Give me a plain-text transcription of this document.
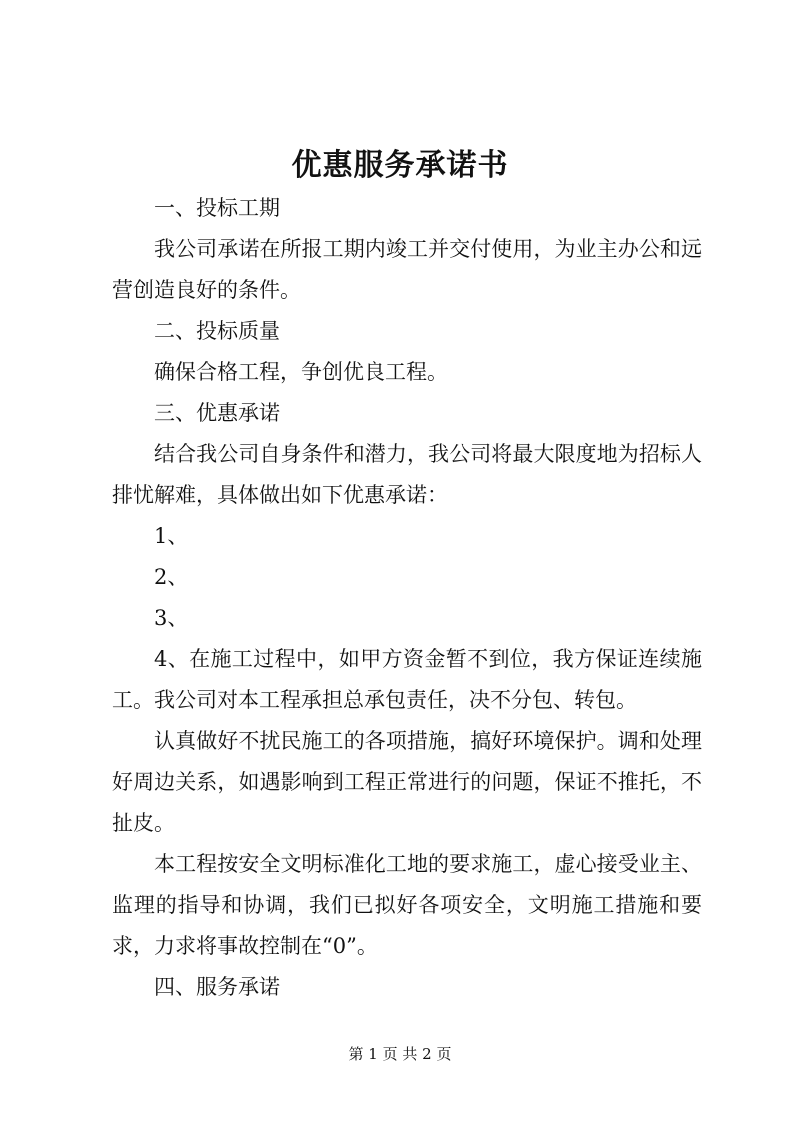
优惠服务承诺书

一、投标工期

我公司承诺在所报工期内竣工并交付使用，为业主办公和远营创造良好的条件。

二、投标质量

确保合格工程，争创优良工程。

三、优惠承诺

结合我公司自身条件和潜力，我公司将最大限度地为招标人排忧解难，具体做出如下优惠承诺：

1、

2、

3、

4、在施工过程中，如甲方资金暂不到位，我方保证连续施工。我公司对本工程承担总承包责任，决不分包、转包。

认真做好不扰民施工的各项措施，搞好环境保护。调和处理好周边关系，如遇影响到工程正常进行的问题，保证不推托，不扯皮。

本工程按安全文明标准化工地的要求施工，虚心接受业主、监理的指导和协调，我们已拟好各项安全，文明施工措施和要求，力求将事故控制在“0”。

四、服务承诺

第 1 页 共 2 页
